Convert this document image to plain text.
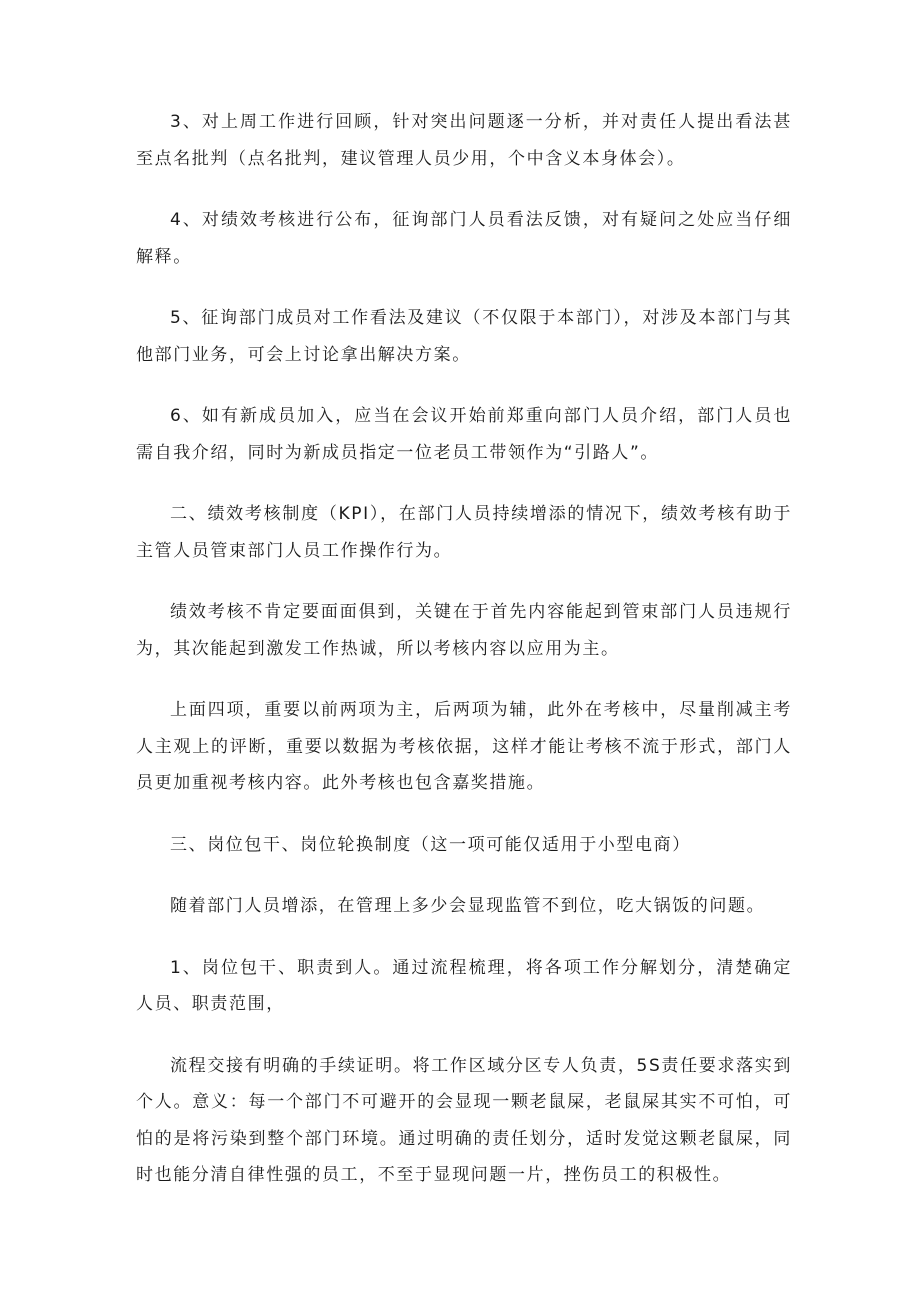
3、对上周工作进行回顾，针对突出问题逐一分析，并对责任人提出看法甚至点名批判（点名批判，建议管理人员少用，个中含义本身体会）。

4、对绩效考核进行公布，征询部门人员看法反馈，对有疑问之处应当仔细解释。

5、征询部门成员对工作看法及建议（不仅限于本部门），对涉及本部门与其他部门业务，可会上讨论拿出解决方案。

6、如有新成员加入，应当在会议开始前郑重向部门人员介绍，部门人员也需自我介绍，同时为新成员指定一位老员工带领作为“引路人”。

二、绩效考核制度（KPI），在部门人员持续增添的情况下，绩效考核有助于主管人员管束部门人员工作操作行为。

绩效考核不肯定要面面俱到，关键在于首先内容能起到管束部门人员违规行为，其次能起到激发工作热诚，所以考核内容以应用为主。

上面四项，重要以前两项为主，后两项为辅，此外在考核中，尽量削减主考人主观上的评断，重要以数据为考核依据，这样才能让考核不流于形式，部门人员更加重视考核内容。此外考核也包含嘉奖措施。

三、岗位包干、岗位轮换制度（这一项可能仅适用于小型电商）

随着部门人员增添，在管理上多少会显现监管不到位，吃大锅饭的问题。

1、岗位包干、职责到人。通过流程梳理，将各项工作分解划分，清楚确定人员、职责范围，

流程交接有明确的手续证明。将工作区域分区专人负责，5S责任要求落实到个人。意义：每一个部门不可避开的会显现一颗老鼠屎，老鼠屎其实不可怕，可怕的是将污染到整个部门环境。通过明确的责任划分，适时发觉这颗老鼠屎，同时也能分清自律性强的员工，不至于显现问题一片，挫伤员工的积极性。
